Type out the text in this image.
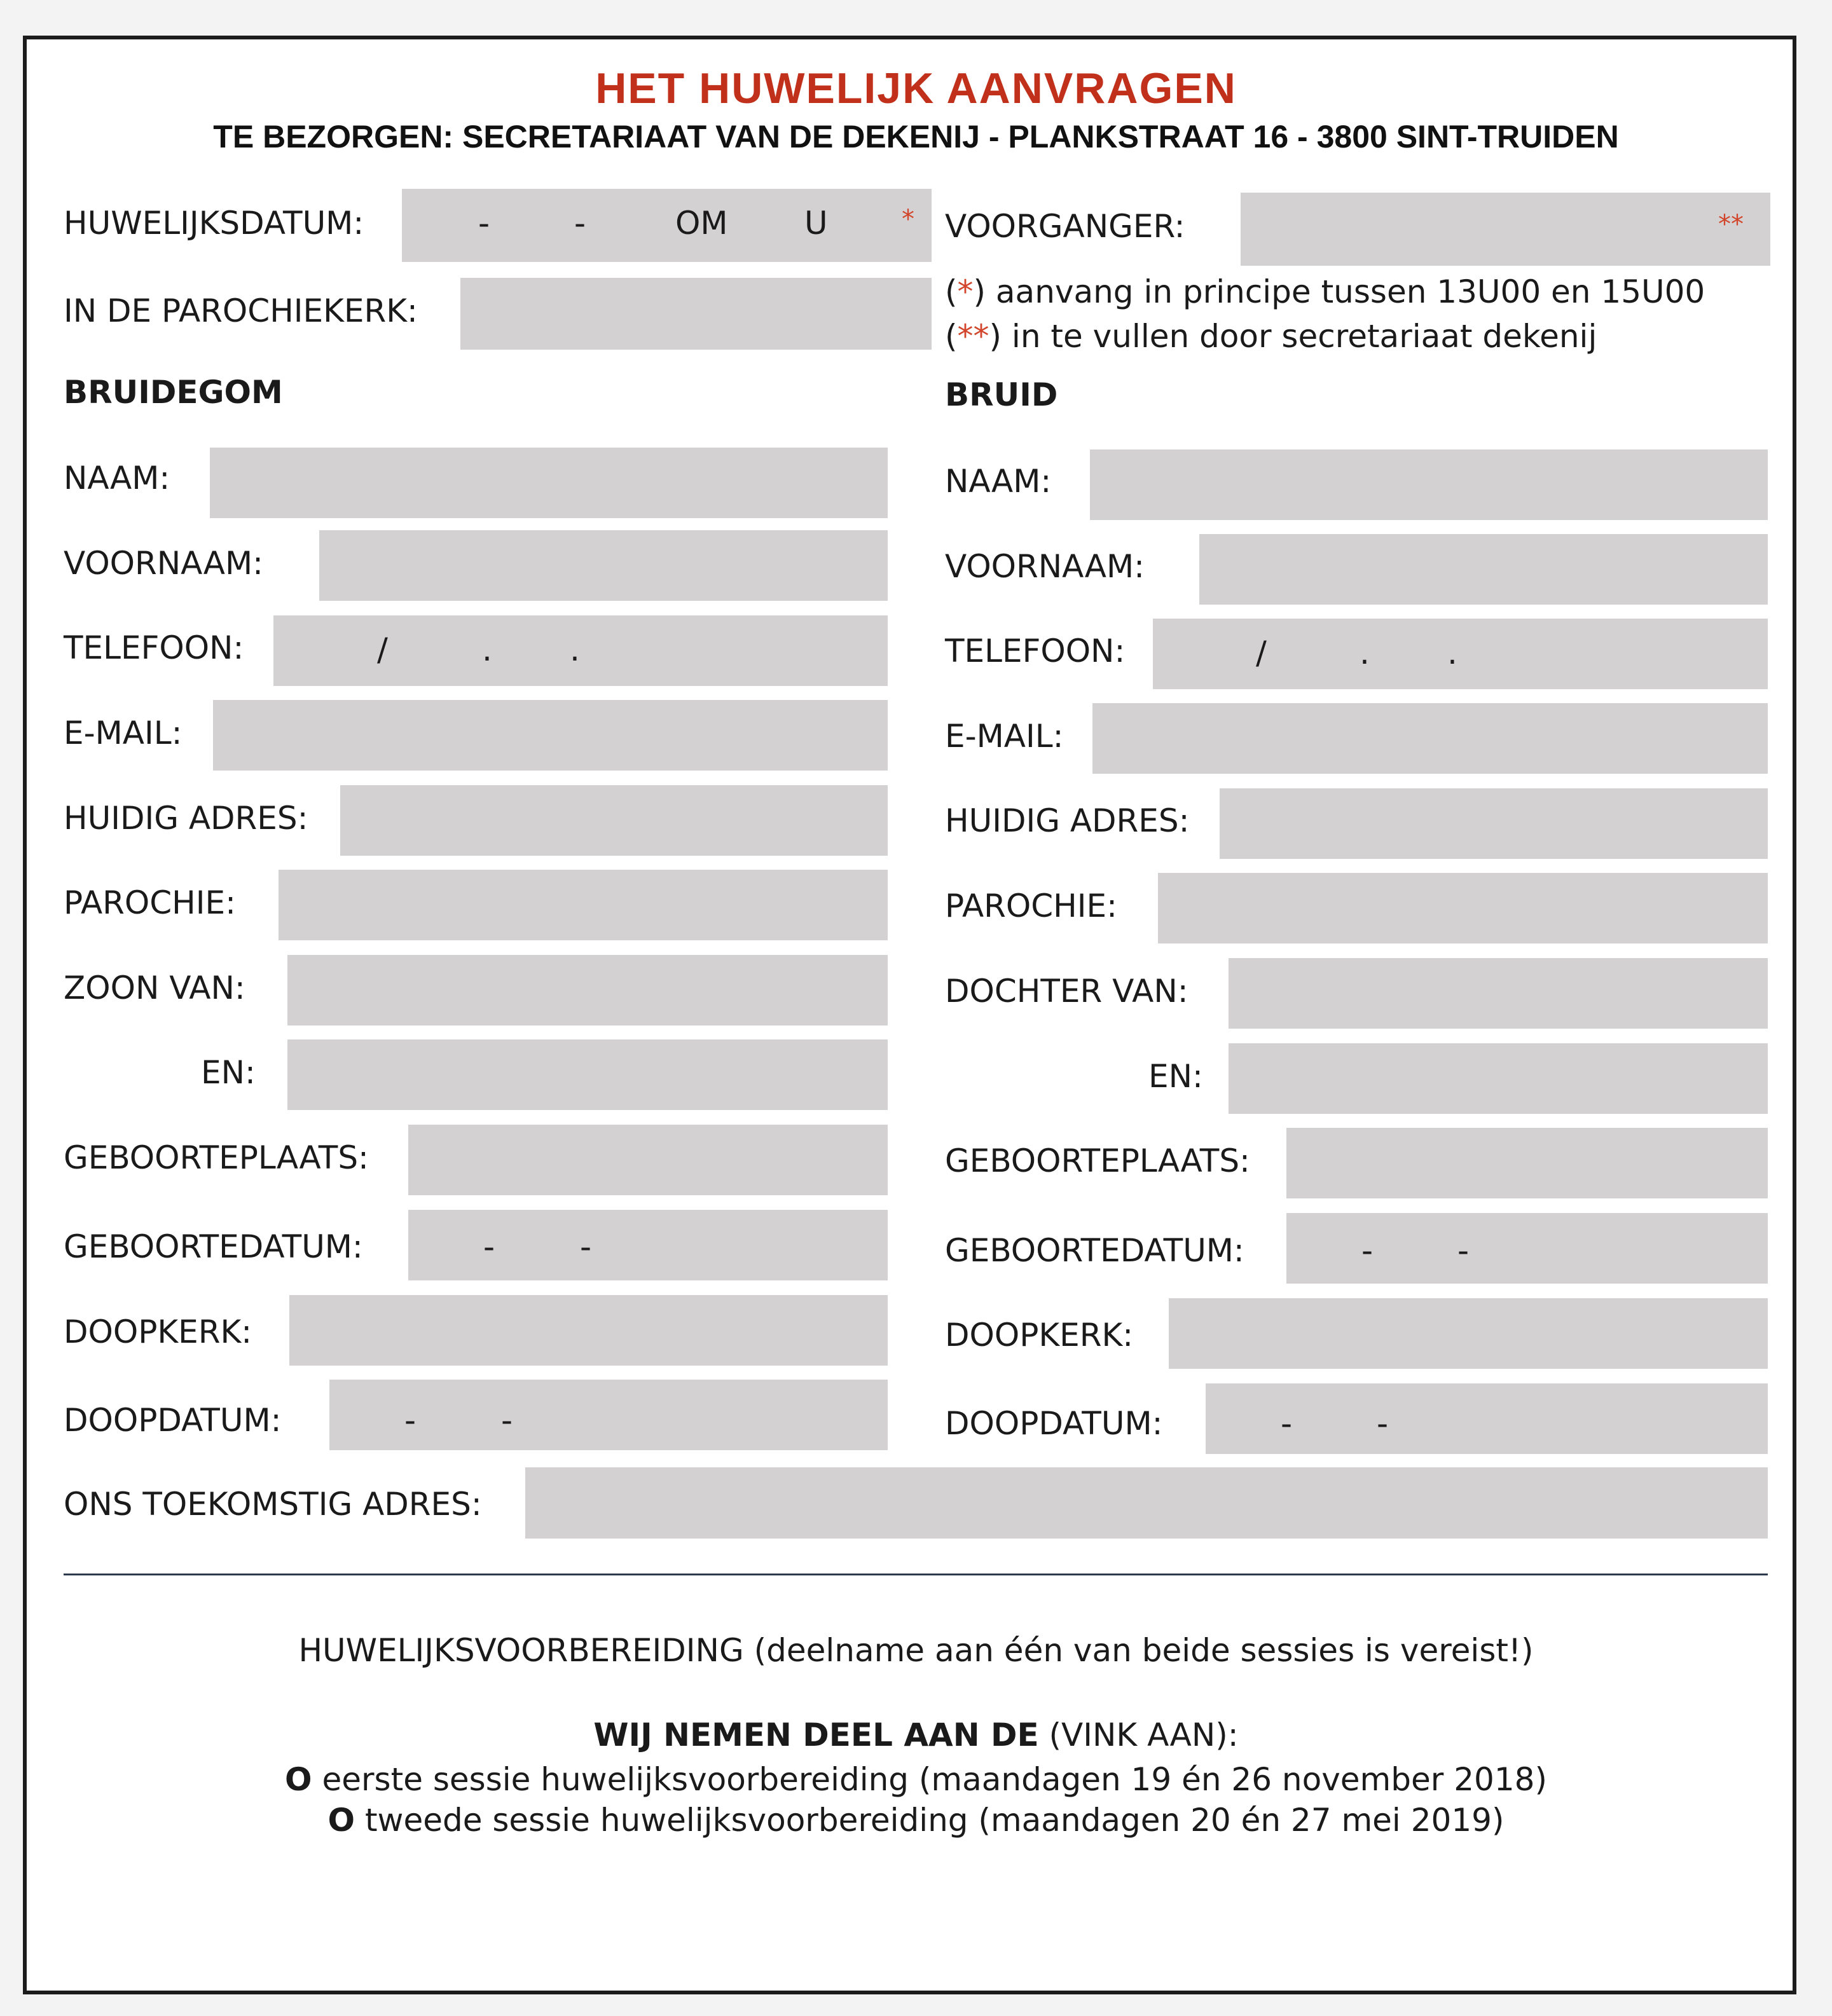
HET HUWELIJK AANVRAGEN
TE BEZORGEN: SECRETARIAAT VAN DE DEKENIJ - PLANKSTRAAT 16 - 3800 SINT-TRUIDEN
HUWELIJKSDATUM:	-	-	OM U	*
IN DE PAROCHIEKERK:
VOORGANGER:	**
(*) aanvang in principe tussen 13U00 en 15U00
(**) in te vullen door secretariaat dekenij
BRUIDEGOM	BRUID
NAAM:
VOORNAAM:
TELEFOON:	/	. .
E-MAIL:
HUIDIG ADRES:
PAROCHIE:
ZOON VAN:
EN:
GEBOORTEPLAATS:
GEBOORTEDATUM:	-	-
DOOPKERK:
DOOPDATUM:	-	-
NAAM:
VOORNAAM:
TELEFOON:	/	. .
E-MAIL:
HUIDIG ADRES:
PAROCHIE:
DOCHTER VAN:
EN:
GEBOORTEPLAATS:
GEBOORTEDATUM:	-	-
DOOPKERK:
DOOPDATUM:	-	-
ONS TOEKOMSTIG ADRES:
HUWELIJKSVOORBEREIDING (deelname aan één van beide sessies is vereist!)
WIJ NEMEN DEEL AAN DE (VINK AAN):
O eerste sessie huwelijksvoorbereiding (maandagen 19 én 26 november 2018)
O tweede sessie huwelijksvoorbereiding (maandagen 20 én 27 mei 2019)
